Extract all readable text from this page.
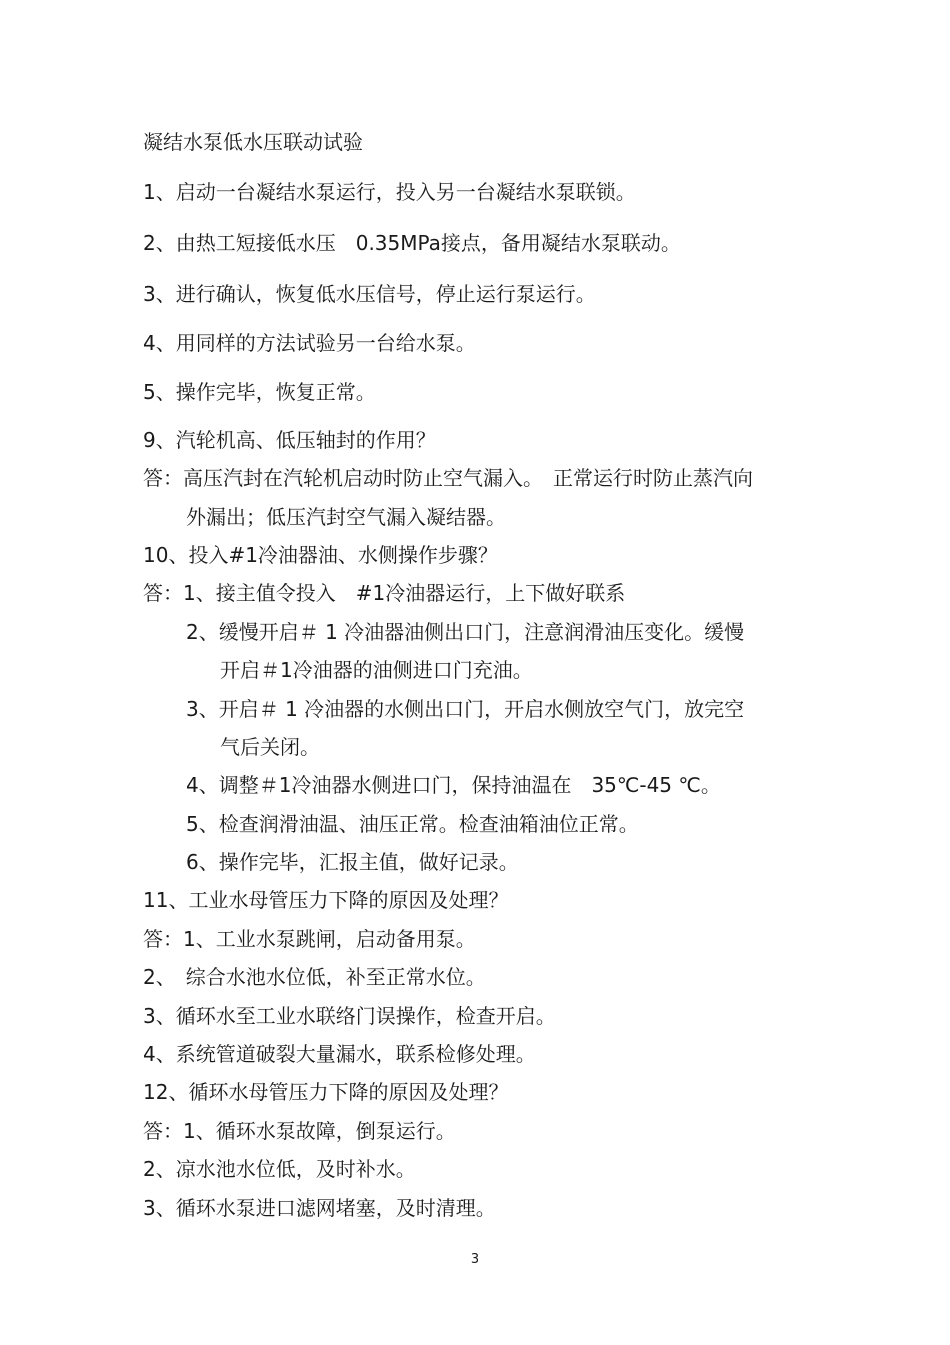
凝结水泵低水压联动试验
1、启动一台凝结水泵运行，投入另一台凝结水泵联锁。
2、由热工短接低水压　0.35MPa接点，备用凝结水泵联动。
3、进行确认，恢复低水压信号，停止运行泵运行。
4、用同样的方法试验另一台给水泵。
5、操作完毕，恢复正常。
9、汽轮机高、低压轴封的作用？
答：高压汽封在汽轮机启动时防止空气漏入。　正常运行时防止蒸汽向
外漏出；低压汽封空气漏入凝结器。
10、投入#1冷油器油、水侧操作步骤？
答：1、接主值令投入　#1冷油器运行，上下做好联系
2、缓慢开启＃ 1 冷油器油侧出口门，注意润滑油压变化。缓慢
开启＃1冷油器的油侧进口门充油。
3、开启＃ 1 冷油器的水侧出口门，开启水侧放空气门，放完空
气后关闭。
4、调整＃1冷油器水侧进口门，保持油温在　35℃-45 ℃。
5、检查润滑油温、油压正常。检查油箱油位正常。
6、操作完毕，汇报主值，做好记录。
11、工业水母管压力下降的原因及处理？
答：1、工业水泵跳闸，启动备用泵。
2、　综合水池水位低，补至正常水位。
3、循环水至工业水联络门误操作，检查开启。
4、系统管道破裂大量漏水，联系检修处理。
12、循环水母管压力下降的原因及处理？
答：1、循环水泵故障，倒泵运行。
2、凉水池水位低，及时补水。
3、循环水泵进口滤网堵塞，及时清理。
3
